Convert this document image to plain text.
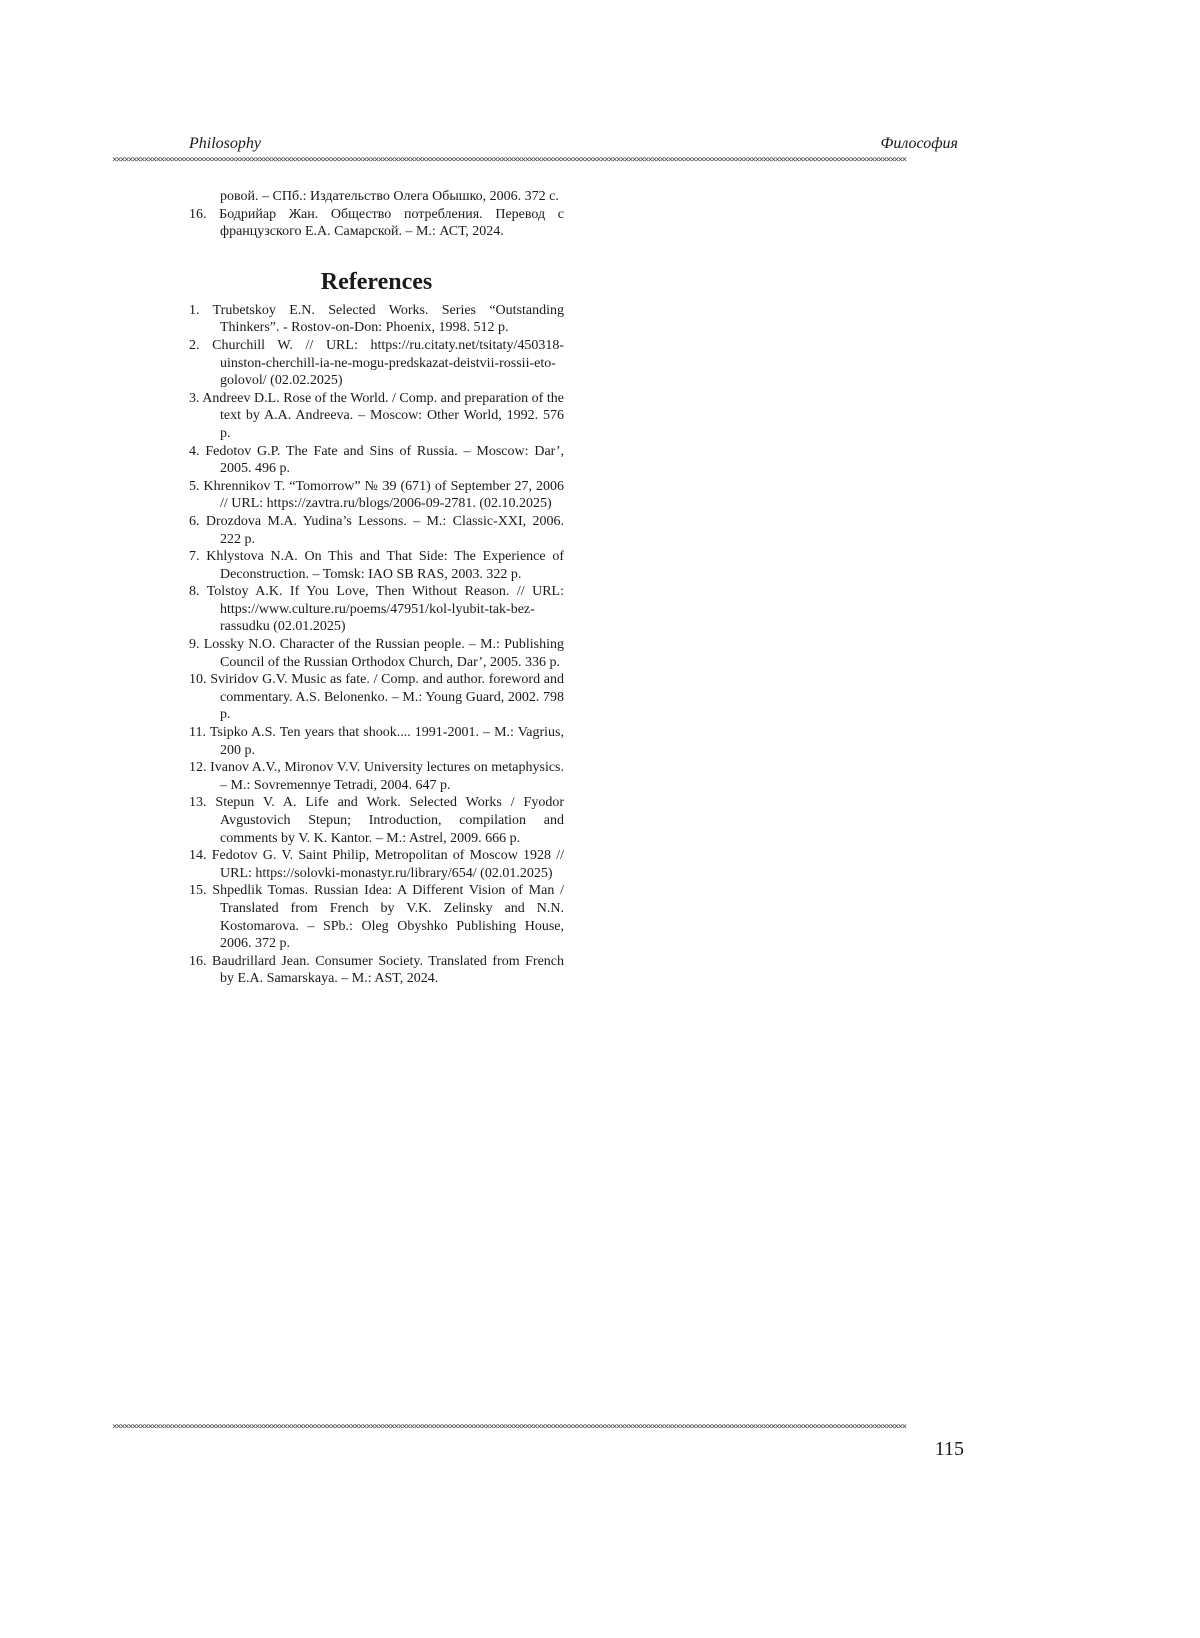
Philosophy	Философия
××××××××××××××××××××××××××××××××××××××××××××××××××××××××××××××××××××××××××××××××××××××××××××××××××××××××××××××××××××××××××××××××××××××××××××××××××××××××××××××××××××××××××××××××××××××××××××××××××××××××

ровой. – СПб.: Издательство Олега Обышко, 2006. 372 с.

16. Бодрийар Жан. Общество потребления. Перевод с французского Е.А. Самарской. – М.: АСТ, 2024.

References

1. Trubetskoy E.N. Selected Works. Series “Outstanding Thinkers”. - Rostov-on-Don: Phoenix, 1998. 512 p.

2. Churchill W. // URL: https://ru.citaty.net/tsitaty/450318-uinston-cherchill-ia-ne-mogu-predskazat-deistvii-rossii-eto-golovol/ (02.02.2025)

3. Andreev D.L. Rose of the World. / Comp. and preparation of the text by A.A. Andreeva. – Moscow: Other World, 1992. 576 p.

4. Fedotov G.P. The Fate and Sins of Russia. – Moscow: Dar’, 2005. 496 p.

5. Khrennikov T. “Tomorrow” № 39 (671) of September 27, 2006 // URL: https://zavtra.ru/blogs/2006-09-2781. (02.10.2025)

6. Drozdova M.A. Yudina’s Lessons. – M.: Classic-XXI, 2006. 222 p.

7. Khlystova N.A. On This and That Side: The Experience of Deconstruction. – Tomsk: IAO SB RAS, 2003. 322 p.

8. Tolstoy A.K. If You Love, Then Without Reason. // URL: https://www.culture.ru/poems/47951/kol-lyubit-tak-bez-rassudku (02.01.2025)

9. Lossky N.O. Character of the Russian people. – M.: Publishing Council of the Russian Orthodox Church, Dar’, 2005. 336 p.

10. Sviridov G.V. Music as fate. / Comp. and author. foreword and commentary. A.S. Belonenko. – M.: Young Guard, 2002. 798 p.

11. Tsipko A.S. Ten years that shook.... 1991-2001. – M.: Vagrius, 200 p.

12. Ivanov A.V., Mironov V.V. University lectures on metaphysics. – M.: Sovremennye Tetradi, 2004. 647 p.

13. Stepun V. A. Life and Work. Selected Works / Fyodor Avgustovich Stepun; Introduction, compilation and comments by V. K. Kantor. – M.: Astrel, 2009. 666 p.

14. Fedotov G. V. Saint Philip, Metropolitan of Moscow 1928 // URL: https://solovki-monastyr.ru/library/654/ (02.01.2025)

15. Shpedlik Tomas. Russian Idea: A Different Vision of Man / Translated from French by V.K. Zelinsky and N.N. Kostomarova. – SPb.: Oleg Obyshko Publishing House, 2006. 372 p.

16. Baudrillard Jean. Consumer Society. Translated from French by E.A. Samarskaya. – M.: AST, 2024.

××××××××××××××××××××××××××××××××××××××××××××××××××××××××××××××××××××××××××××××××××××××××××××××××××××××××××××××××××××××××××××××××××××××××××××××××××××××××××××××××××××××××××××××××××××××××××××××××××××××××
115
